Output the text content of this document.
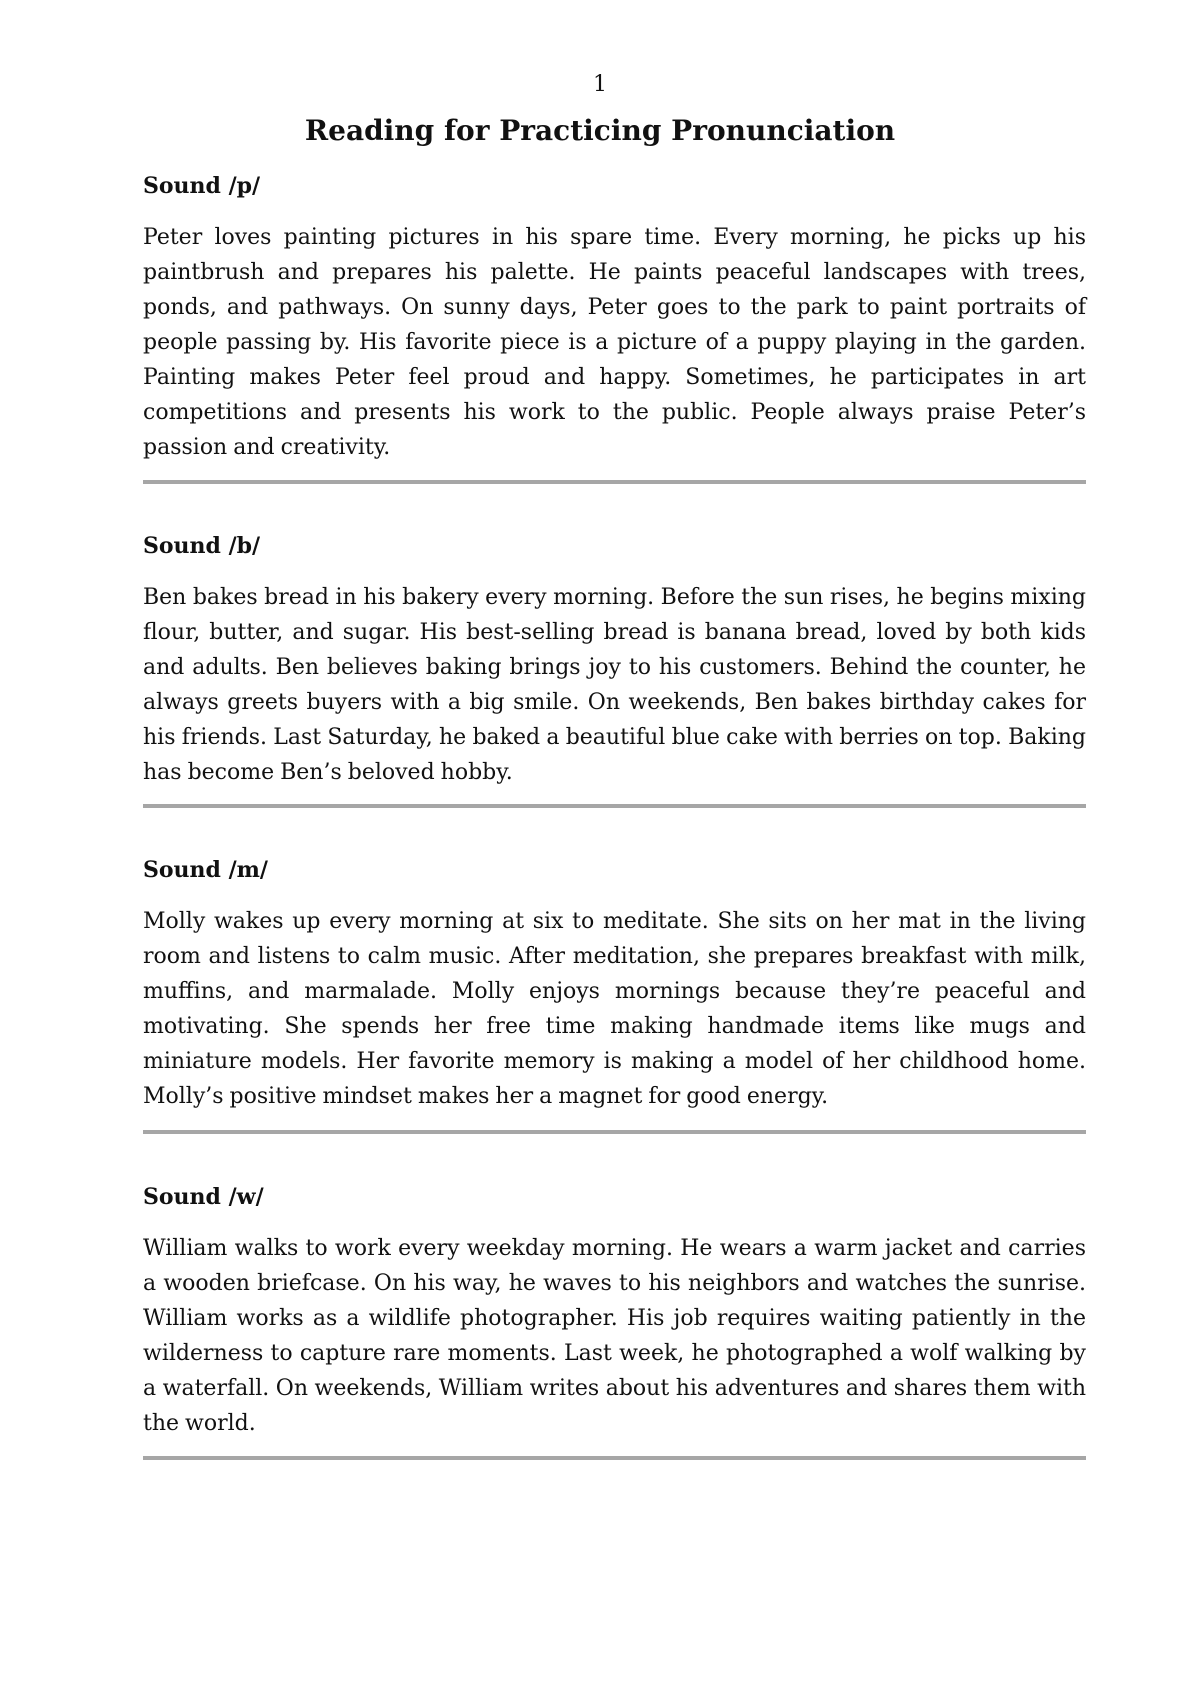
1
Reading for Practicing Pronunciation

Sound /p/

Peter loves painting pictures in his spare time. Every morning, he picks up his paintbrush and prepares his palette. He paints peaceful landscapes with trees, ponds, and pathways. On sunny days, Peter goes to the park to paint portraits of people passing by. His favorite piece is a picture of a puppy playing in the garden. Painting makes Peter feel proud and happy. Sometimes, he participates in art competitions and presents his work to the public. People always praise Peter’s passion and creativity.

Sound /b/

Ben bakes bread in his bakery every morning. Before the sun rises, he begins mixing flour, butter, and sugar. His best-selling bread is banana bread, loved by both kids and adults. Ben believes baking brings joy to his customers. Behind the counter, he always greets buyers with a big smile. On weekends, Ben bakes birthday cakes for his friends. Last Saturday, he baked a beautiful blue cake with berries on top. Baking has become Ben’s beloved hobby.

Sound /m/

Molly wakes up every morning at six to meditate. She sits on her mat in the living room and listens to calm music. After meditation, she prepares breakfast with milk, muffins, and marmalade. Molly enjoys mornings because they’re peaceful and motivating. She spends her free time making handmade items like mugs and miniature models. Her favorite memory is making a model of her childhood home. Molly’s positive mindset makes her a magnet for good energy.

Sound /w/

William walks to work every weekday morning. He wears a warm jacket and carries a wooden briefcase. On his way, he waves to his neighbors and watches the sunrise. William works as a wildlife photographer. His job requires waiting patiently in the wilderness to capture rare moments. Last week, he photographed a wolf walking by a waterfall. On weekends, William writes about his adventures and shares them with the world.
